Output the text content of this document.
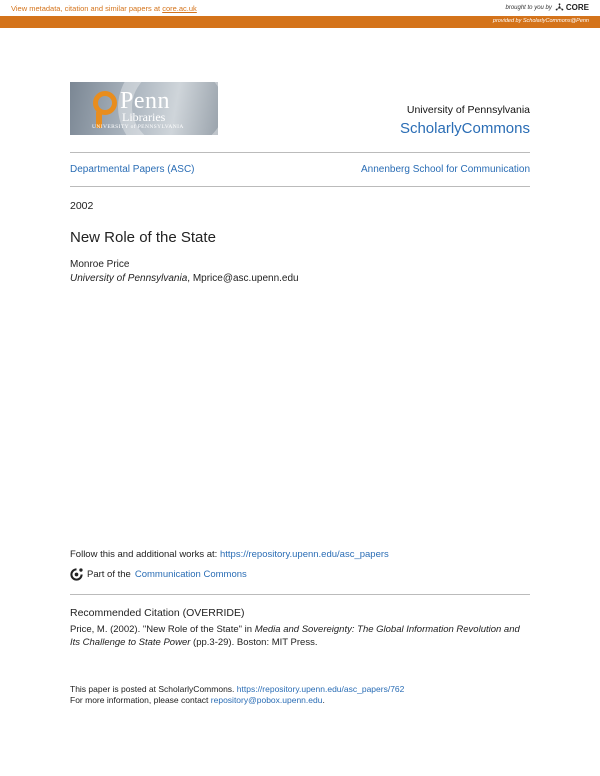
View metadata, citation and similar papers at core.ac.uk	brought to you by CORE
provided by ScholarlyCommons@Penn
Penn
Libraries
UNIVERSITY of PENNSYLVANIA
University of Pennsylvania
ScholarlyCommons
Departmental Papers (ASC)	Annenberg School for Communication
2002
New Role of the State
Monroe Price
University of Pennsylvania, Mprice@asc.upenn.edu
Follow this and additional works at: https://repository.upenn.edu/asc_papers
Part of the Communication Commons
Recommended Citation (OVERRIDE)
Price, M. (2002). "New Role of the State" in Media and Sovereignty: The Global Information Revolution and Its Challenge to State Power (pp.3-29). Boston: MIT Press.
This paper is posted at ScholarlyCommons. https://repository.upenn.edu/asc_papers/762
For more information, please contact repository@pobox.upenn.edu.
